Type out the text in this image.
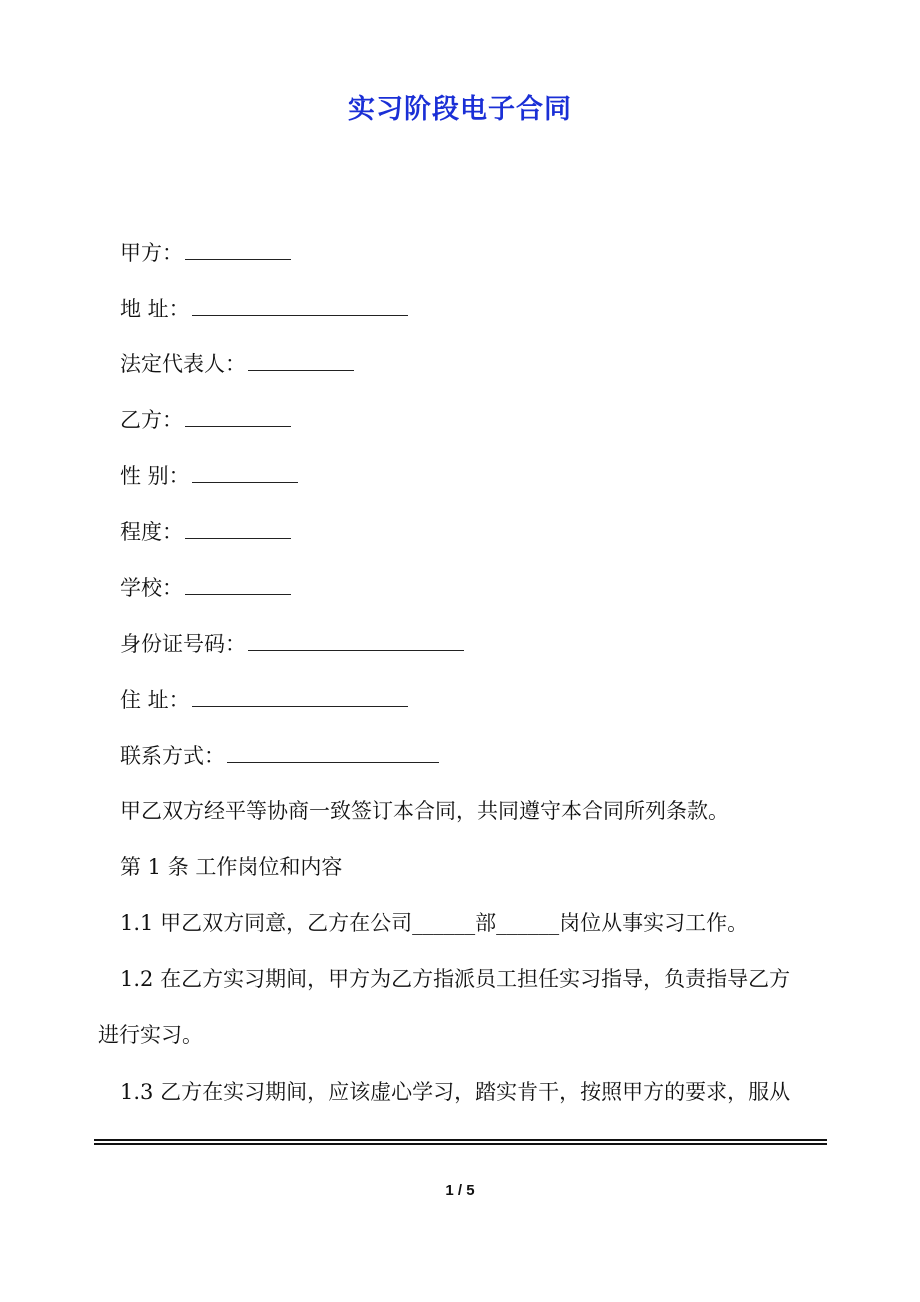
实习阶段电子合同
甲方：
地 址：
法定代表人：
乙方：
性 别：
程度：
学校：
身份证号码：
住 址：
联系方式：
甲乙双方经平等协商一致签订本合同，共同遵守本合同所列条款。
第 1 条 工作岗位和内容
1.1 甲乙双方同意，乙方在公司______部______岗位从事实习工作。
1.2 在乙方实习期间，甲方为乙方指派员工担任实习指导，负责指导乙方
进行实习。
1.3 乙方在实习期间，应该虚心学习，踏实肯干，按照甲方的要求，服从
1 / 5
